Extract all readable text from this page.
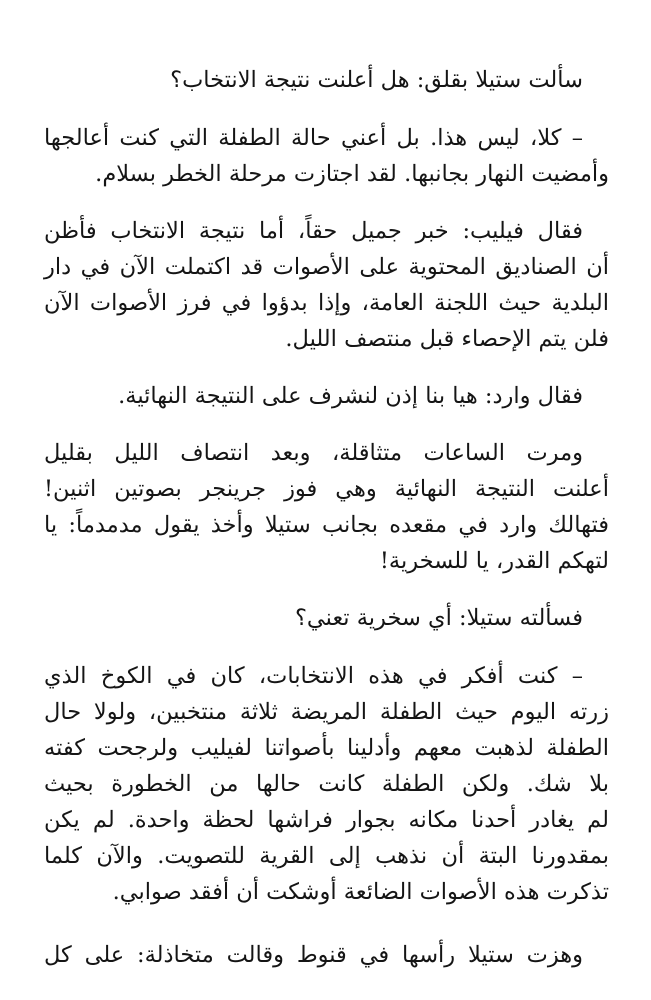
سألت ستيلا بقلق: هل أعلنت نتيجة الانتخاب؟

– كلا، ليس هذا. بل أعني حالة الطفلة التي كنت أعالجها
وأمضيت النهار بجانبها. لقد اجتازت مرحلة الخطر بسلام.

فقال فيليب: خبر جميل حقاً، أما نتيجة الانتخاب فأظن
أن الصناديق المحتوية على الأصوات قد اكتملت الآن في دار
البلدية حيث اللجنة العامة، وإذا بدؤوا في فرز الأصوات الآن
فلن يتم الإحصاء قبل منتصف الليل.

فقال وارد: هيا بنا إذن لنشرف على النتيجة النهائية.

ومرت الساعات متثاقلة، وبعد انتصاف الليل بقليل
أعلنت النتيجة النهائية وهي فوز جرينجر بصوتين اثنين!
فتهالك وارد في مقعده بجانب ستيلا وأخذ يقول مدمدماً: يا
لتهكم القدر، يا للسخرية!

فسألته ستيلا: أي سخرية تعني؟

– كنت أفكر في هذه الانتخابات، كان في الكوخ الذي
زرته اليوم حيث الطفلة المريضة ثلاثة منتخبين، ولولا حال
الطفلة لذهبت معهم وأدلينا بأصواتنا لفيليب ولرجحت كفته
بلا شك. ولكن الطفلة كانت حالها من الخطورة بحيث
لم يغادر أحدنا مكانه بجوار فراشها لحظة واحدة. لم يكن
بمقدورنا البتة أن نذهب إلى القرية للتصويت. والآن كلما
تذكرت هذه الأصوات الضائعة أوشكت أن أفقد صوابي.

وهزت ستيلا رأسها في قنوط وقالت متخاذلة: على كل
